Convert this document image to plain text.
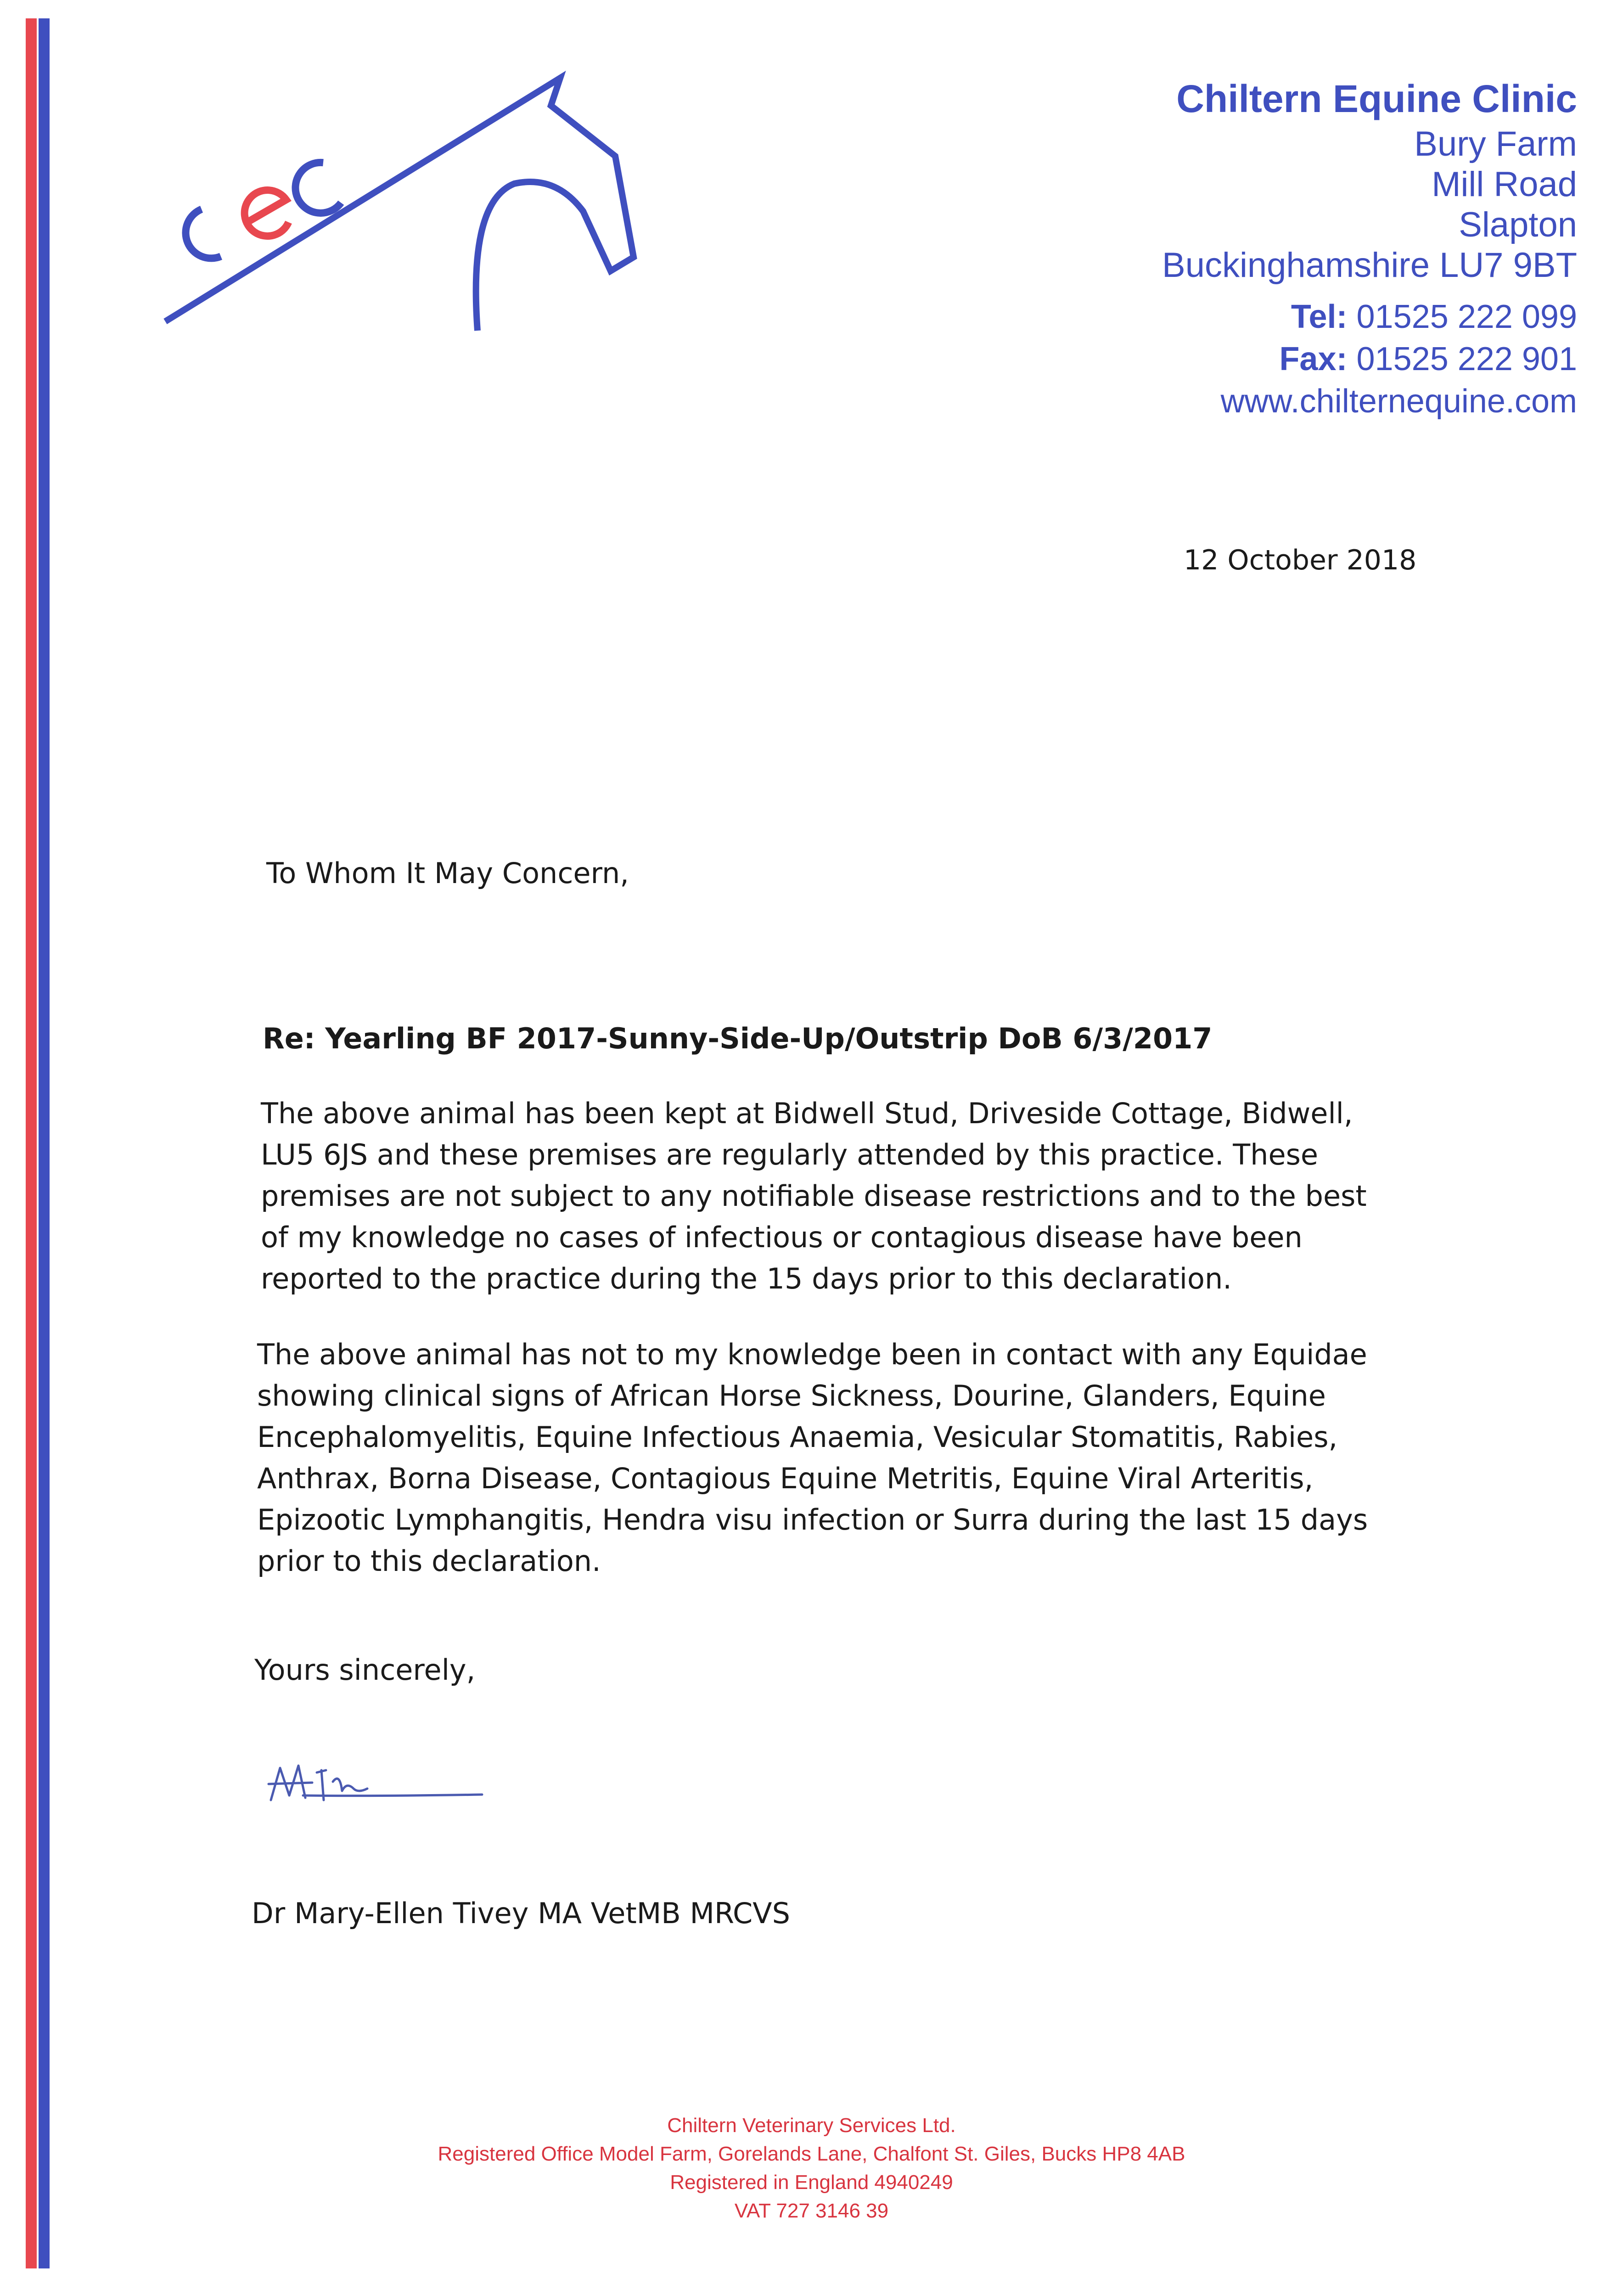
Chiltern Equine Clinic
Bury Farm
Mill Road
Slapton
Buckinghamshire LU7 9BT
Tel: 01525 222 099
Fax: 01525 222 901
www.chilternequine.com
12 October 2018
To Whom It May Concern,
Re: Yearling BF 2017-Sunny-Side-Up/Outstrip DoB 6/3/2017

The above animal has been kept at Bidwell Stud, Driveside Cottage, Bidwell, LU5 6JS and these premises are regularly attended by this practice. These premises are not subject to any notifiable disease restrictions and to the best of my knowledge no cases of infectious or contagious disease have been reported to the practice during the 15 days prior to this declaration.

The above animal has not to my knowledge been in contact with any Equidae showing clinical signs of African Horse Sickness, Dourine, Glanders, Equine Encephalomyelitis, Equine Infectious Anaemia, Vesicular Stomatitis, Rabies, Anthrax, Borna Disease, Contagious Equine Metritis, Equine Viral Arteritis, Epizootic Lymphangitis, Hendra visu infection or Surra during the last 15 days prior to this declaration.

Yours sincerely,
Dr Mary-Ellen Tivey MA VetMB MRCVS
Chiltern Veterinary Services Ltd.
Registered Office Model Farm, Gorelands Lane, Chalfont St. Giles, Bucks HP8 4AB
Registered in England 4940249
VAT 727 3146 39
